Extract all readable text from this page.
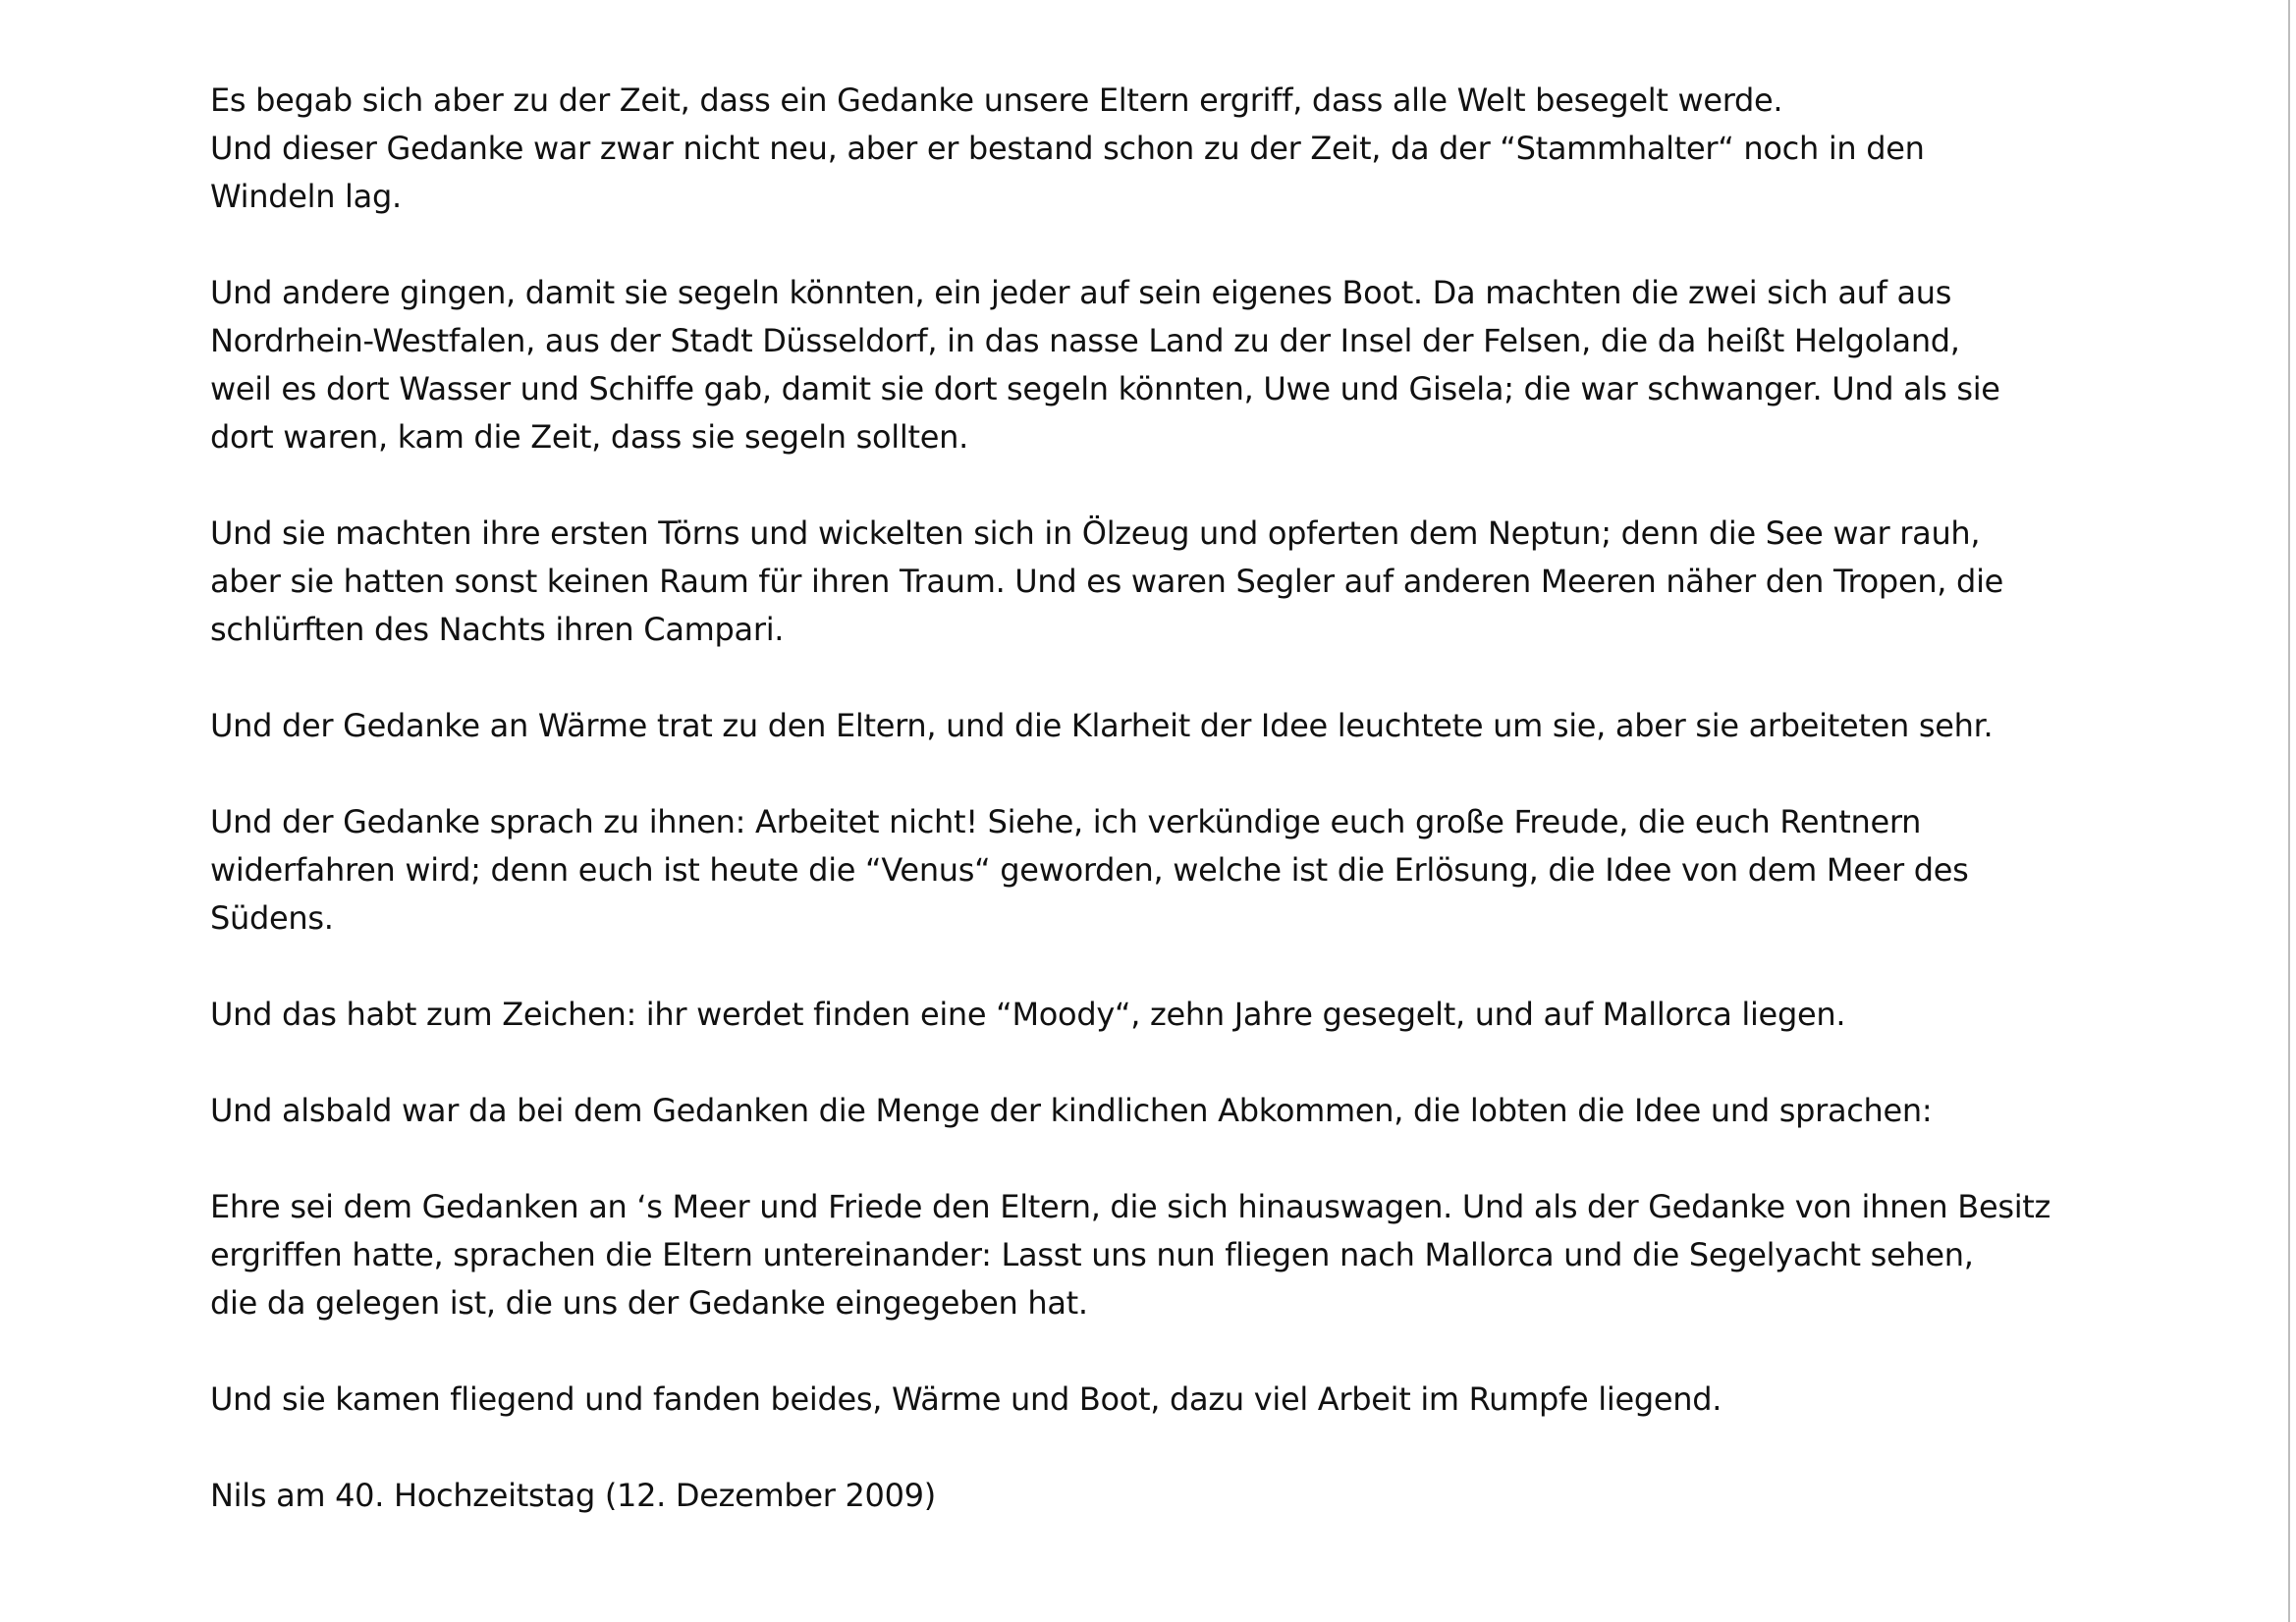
Es begab sich aber zu der Zeit, dass ein Gedanke unsere Eltern ergriff, dass alle Welt besegelt werde.
Und dieser Gedanke war zwar nicht neu, aber er bestand schon zu der Zeit, da der “Stammhalter“ noch in den
Windeln lag.

Und andere gingen, damit sie segeln könnten, ein jeder auf sein eigenes Boot. Da machten die zwei sich auf aus
Nordrhein-Westfalen, aus der Stadt Düsseldorf, in das nasse Land zu der Insel der Felsen, die da heißt Helgoland,
weil es dort Wasser und Schiffe gab, damit sie dort segeln könnten, Uwe und Gisela; die war schwanger. Und als sie
dort waren, kam die Zeit, dass sie segeln sollten.

Und sie machten ihre ersten Törns und wickelten sich in Ölzeug und opferten dem Neptun; denn die See war rauh,
aber sie hatten sonst keinen Raum für ihren Traum. Und es waren Segler auf anderen Meeren näher den Tropen, die
schlürften des Nachts ihren Campari.

Und der Gedanke an Wärme trat zu den Eltern, und die Klarheit der Idee leuchtete um sie, aber sie arbeiteten sehr.

Und der Gedanke sprach zu ihnen: Arbeitet nicht! Siehe, ich verkündige euch große Freude, die euch Rentnern
widerfahren wird; denn euch ist heute die “Venus“ geworden, welche ist die Erlösung, die Idee von dem Meer des
Südens.

Und das habt zum Zeichen: ihr werdet finden eine “Moody“, zehn Jahre gesegelt, und auf Mallorca liegen.

Und alsbald war da bei dem Gedanken die Menge der kindlichen Abkommen, die lobten die Idee und sprachen:

Ehre sei dem Gedanken an ‘s Meer und Friede den Eltern, die sich hinauswagen. Und als der Gedanke von ihnen Besitz
ergriffen hatte, sprachen die Eltern untereinander: Lasst uns nun fliegen nach Mallorca und die Segelyacht sehen,
die da gelegen ist, die uns der Gedanke eingegeben hat.

Und sie kamen fliegend und fanden beides, Wärme und Boot, dazu viel Arbeit im Rumpfe liegend.

Nils am 40. Hochzeitstag (12. Dezember 2009)
